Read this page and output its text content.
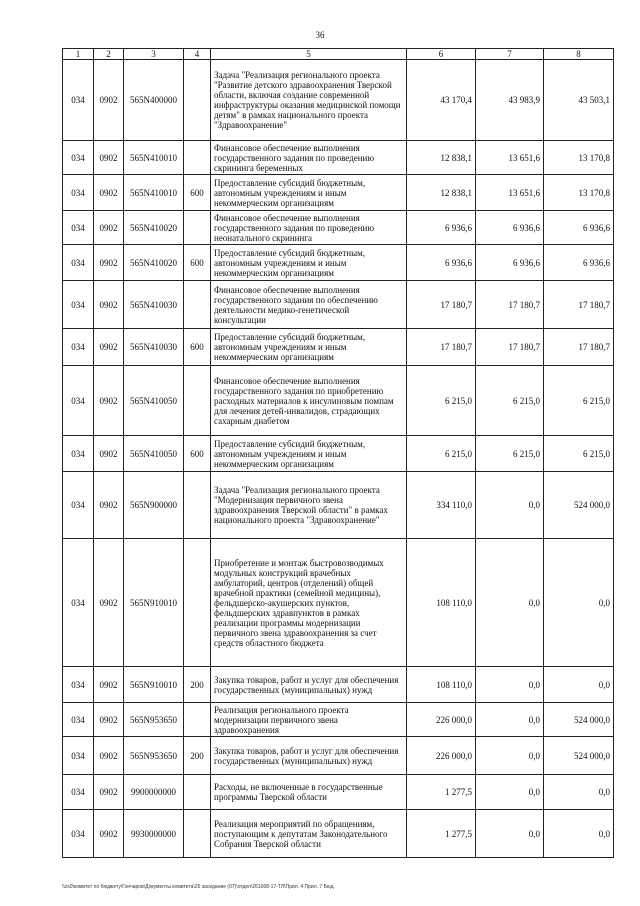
36
1	2	3	4	5	6	7	8
034	0902	565N400000		Задача "Реализация регионального проекта "Развитие детского здравоохранения Тверской области, включая создание современной инфраструктуры оказания медицинской помощи детям" в рамках национального проекта "Здравоохранение"	43 170,4	43 983,9	43 503,1
034	0902	565N410010		Финансовое обеспечение выполнения государственного задания по проведению скрининга беременных	12 838,1	13 651,6	13 170,8
034	0902	565N410010	600	Предоставление субсидий бюджетным, автономным учреждениям и иным некоммерческим организациям	12 838,1	13 651,6	13 170,8
034	0902	565N410020		Финансовое обеспечение выполнения государственного задания по проведению неонатального скрининга	6 936,6	6 936,6	6 936,6
034	0902	565N410020	600	Предоставление субсидий бюджетным, автономным учреждениям и иным некоммерческим организациям	6 936,6	6 936,6	6 936,6
034	0902	565N410030		Финансовое обеспечение выполнения государственного задания по обеспечению деятельности медико-генетической консультации	17 180,7	17 180,7	17 180,7
034	0902	565N410030	600	Предоставление субсидий бюджетным, автономным учреждениям и иным некоммерческим организациям	17 180,7	17 180,7	17 180,7
034	0902	565N410050		Финансовое обеспечение выполнения государственного задания по приобретению расходных материалов к инсулиновым помпам для лечения детей-инвалидов, страдающих сахарным диабетом	6 215,0	6 215,0	6 215,0
034	0902	565N410050	600	Предоставление субсидий бюджетным, автономным учреждениям и иным некоммерческим организациям	6 215,0	6 215,0	6 215,0
034	0902	565N900000		Задача "Реализация регионального проекта "Модернизация первичного звена здравоохранения Тверской области" в рамках национального проекта "Здравоохранение"	334 110,0	0,0	524 000,0
034	0902	565N910010		Приобретение и монтаж быстровозводимых модульных конструкций врачебных амбулаторий, центров (отделений) общей врачебной практики (семейной медицины), фельдшерско-акушерских пунктов, фельдшерских здравпунктов в рамках реализации программы модернизации первичного звена здравоохранения за счет средств областного бюджета	108 110,0	0,0	0,0
034	0902	565N910010	200	Закупка товаров, работ и услуг для обеспечения государственных (муниципальных) нужд	108 110,0	0,0	0,0
034	0902	565N953650		Реализация регионального проекта модернизации первичного звена здравоохранения	226 000,0	0,0	524 000,0
034	0902	565N953650	200	Закупка товаров, работ и услуг для обеспечения государственных (муниципальных) нужд	226 000,0	0,0	524 000,0
034	0902	9900000000		Расходы, не включенные в государственные программы Тверской области	1 277,5	0,0	0,0
034	0902	9930000000		Реализация мероприятий по обращениям, поступающим к депутатам Законодательного Собрания Тверской области	1 277,5	0,0	0,0
\\zs0\комитет по бюджету\Гончаров\Документы комитета\26 заседание (07)\отдел\261008-17-ТЛ\Прил. 4 Прил. 7 Бюд.
